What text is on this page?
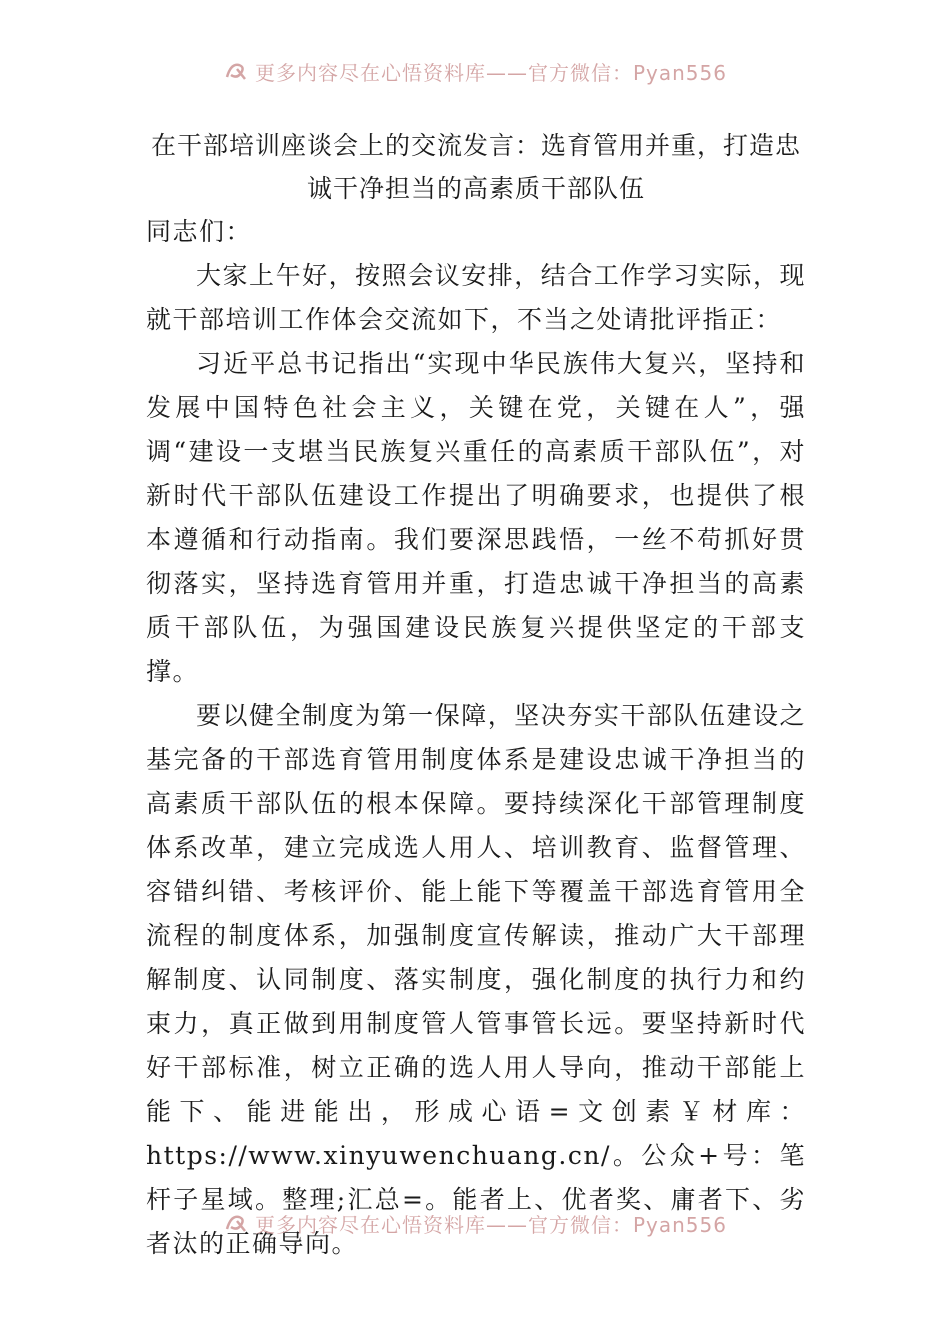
更多内容尽在心悟资料库——官方微信：Pyan556
在干部培训座谈会上的交流发言：选育管用并重，打造忠诚干净担当的高素质干部队伍

同志们：

大家上午好，按照会议安排，结合工作学习实际，现就干部培训工作体会交流如下，不当之处请批评指正：

习近平总书记指出“实现中华民族伟大复兴，坚持和发展中国特色社会主义，关键在党，关键在人”，强调“建设一支堪当民族复兴重任的高素质干部队伍”，对新时代干部队伍建设工作提出了明确要求，也提供了根本遵循和行动指南。我们要深思践悟，一丝不苟抓好贯彻落实，坚持选育管用并重，打造忠诚干净担当的高素质干部队伍，为强国建设民族复兴提供坚定的干部支撑。

要以健全制度为第一保障，坚决夯实干部队伍建设之基完备的干部选育管用制度体系是建设忠诚干净担当的高素质干部队伍的根本保障。要持续深化干部管理制度体系改革，建立完成选人用人、培训教育、监督管理、容错纠错、考核评价、能上能下等覆盖干部选育管用全流程的制度体系，加强制度宣传解读，推动广大干部理解制度、认同制度、落实制度，强化制度的执行力和约束力，真正做到用制度管人管事管长远。要坚持新时代好干部标准，树立正确的选人用人导向，推动干部能上能下、能进能出，形成心语=文创素￥材库：https://www.xinyuwenchuang.cn/。公众+号：笔杆子星域。整理;汇总=。能者上、优者奖、庸者下、劣者汰的正确导向。

更多内容尽在心悟资料库——官方微信：Pyan556
